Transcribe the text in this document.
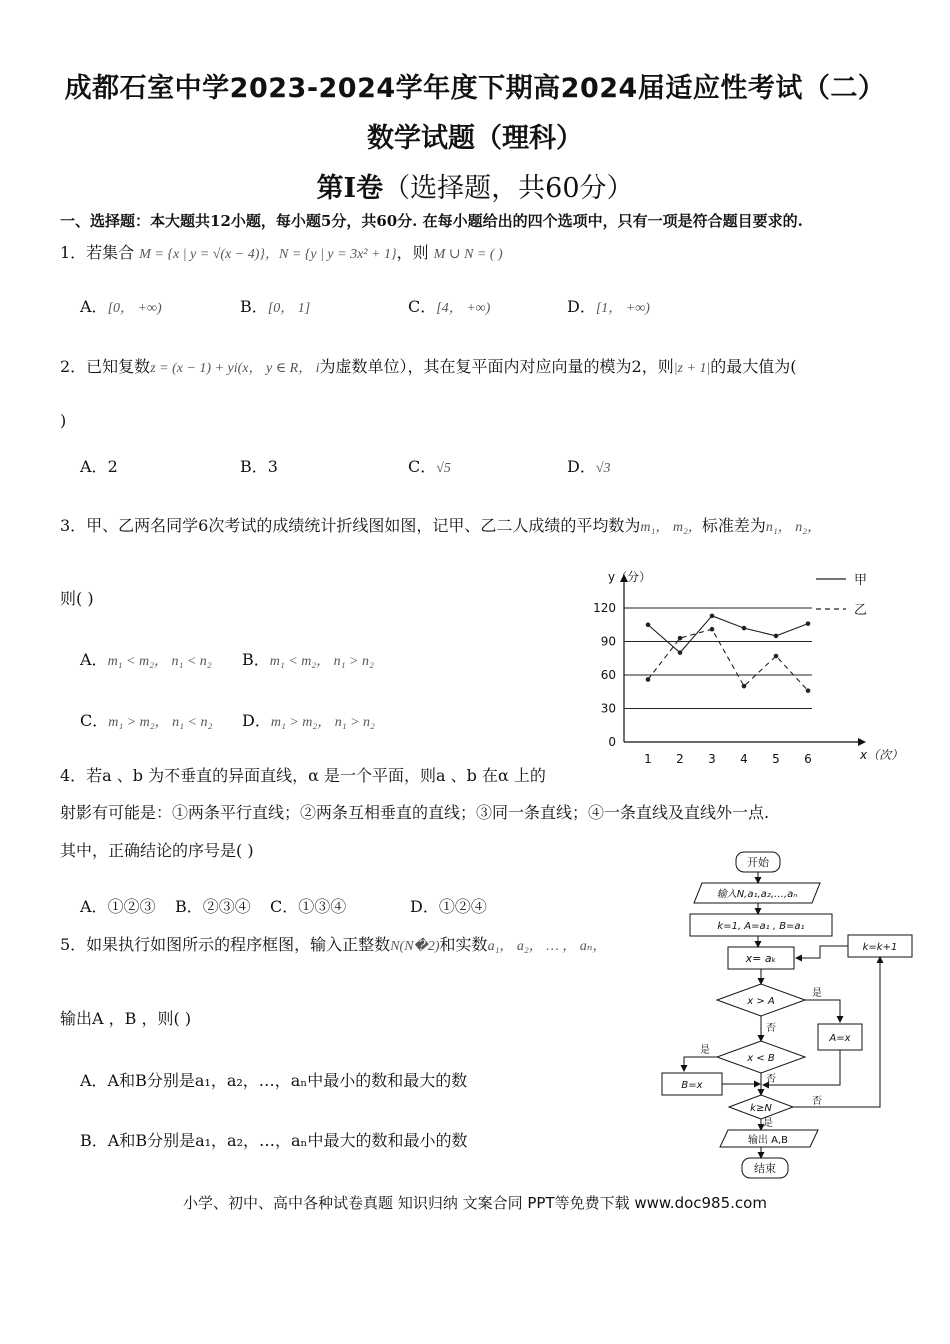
成都石室中学2023-2024学年度下期高2024届适应性考试（二）
数学试题（理科）
第Ⅰ卷（选择题，共60分）
一、选择题：本大题共12小题，每小题5分，共60分. 在每小题给出的四个选项中，只有一项是符合题目要求的.
1．若集合 M = {x | y = √(x − 4)}，N = {y | y = 3x² + 1}，则 M ∪ N = ( )
A．[0， +∞)	B．[0， 1]	C．[4， +∞)	D．[1， +∞)
2．已知复数z = (x − 1) + yi(x， y ∈ R， i为虚数单位），其在复平面内对应向量的模为2，则|z + 1|的最大值为(
)
A．2	B．3	C．√5	D．√3
3．甲、乙两名同学6次考试的成绩统计折线图如图，记甲、乙二人成绩的平均数为m₁， m₂，标准差为n₁， n₂，
则( )
A．m₁ < m₂， n₁ < n₂ B．m₁ < m₂， n₁ > n₂
C．m₁ > m₂， n₁ < n₂ D．m₁ > m₂， n₁ > n₂
0
30
60
90
120
1 2 3 4 5 6
y（分）
x（次）
甲
乙
4．若a 、b 为不垂直的异面直线，α 是一个平面，则a 、b 在α 上的
射影有可能是：①两条平行直线；②两条互相垂直的直线；③同一条直线；④一条直线及直线外一点.
其中，正确结论的序号是( )
A．①②③ B．②③④ C．①③④	D．①②④
5．如果执行如图所示的程序框图，输入正整数N(N�2)和实数a₁， a₂， … ， aₙ，
输出A ，B ，则( )
A．A和B分别是a₁，a₂，…，aₙ中最小的数和最大的数
B．A和B分别是a₁，a₂，…，aₙ中最大的数和最小的数
开始
输入N,a₁,a₂,…,aₙ
k=1, A=a₁ , B=a₁
x= aₖ
x > A
是
否
A=x
x < B
是
否
B=x
k≥N
是
否
k=k+1
输出 A,B
结束
小学、初中、高中各种试卷真题 知识归纳 文案合同 PPT等免费下载 www.doc985.com
